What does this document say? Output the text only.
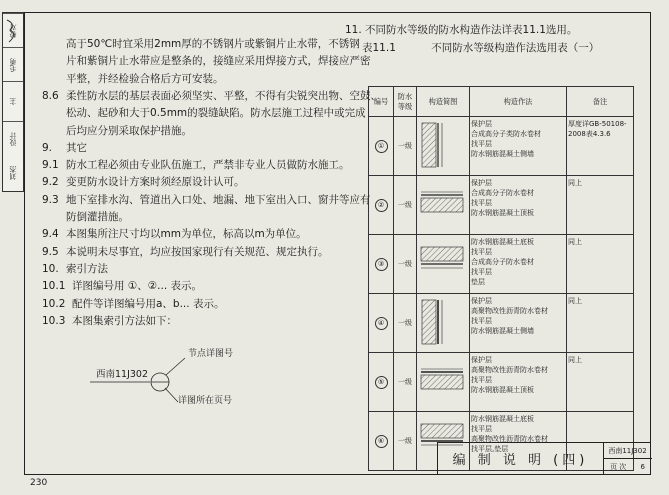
校对
毛勇
主
设计
刘杰
高于50℃时宜采用2mm厚的不锈钢片或紫铜片止水带，不锈钢
片和紫铜片止水带应是整条的，接缝应采用焊接方式，焊接应严密
平整，并经检验合格后方可安装。
8.6 柔性防水层的基层表面必须坚实、平整，不得有尖锐突出物、空鼓、
松动、起砂和大于0.5mm的裂缝缺陷。防水层施工过程中或完成
后均应分别采取保护措施。
9. 其它
9.1 防水工程必须由专业队伍施工，严禁非专业人员做防水施工。
9.2 变更防水设计方案时须经原设计认可。
9.3 地下室排水沟、管道出入口处、地漏、地下室出入口、窗井等应有
防倒灌措施。
9.4 本图集所注尺寸均以mm为单位，标高以m为单位。
9.5 本说明未尽事宜，均应按国家现行有关规范、规定执行。
10. 索引方法
10.1 详图编号用 ①、②... 表示。
10.2 配件等详图编号用a、b... 表示。
10.3 本图集索引方法如下：
节点详图号
西南11J302
详图所在页号
11. 不同防水等级的防水构造作法详表11.1选用。
表11.1	不同防水等级构造作法选用表（一）
编号	防水等级	构造简图	构造作法	备注
①	一级		保护层
合成高分子类防水卷材
找平层
防水钢筋混凝土侧墙	厚度详GB-50108-2008表4.3.6
②	一级		保护层
合成高分子防水卷材
找平层
防水钢筋混凝土顶板	同上
③	一级		防水钢筋混凝土底板
找平层
合成高分子防水卷材
找平层
垫层	同上
④	一级		保护层
高聚物改性沥青防水卷材
找平层
防水钢筋混凝土侧墙	同上
⑤	一级		保护层
高聚物改性沥青防水卷材
找平层
防水钢筋混凝土顶板	同上
⑥	一级		防水钢筋混凝土底板
找平层
高聚物改性沥青防水卷材
找平层,垫层	

编 制 说 明 (四)
西南11J302
页 次 6
230
